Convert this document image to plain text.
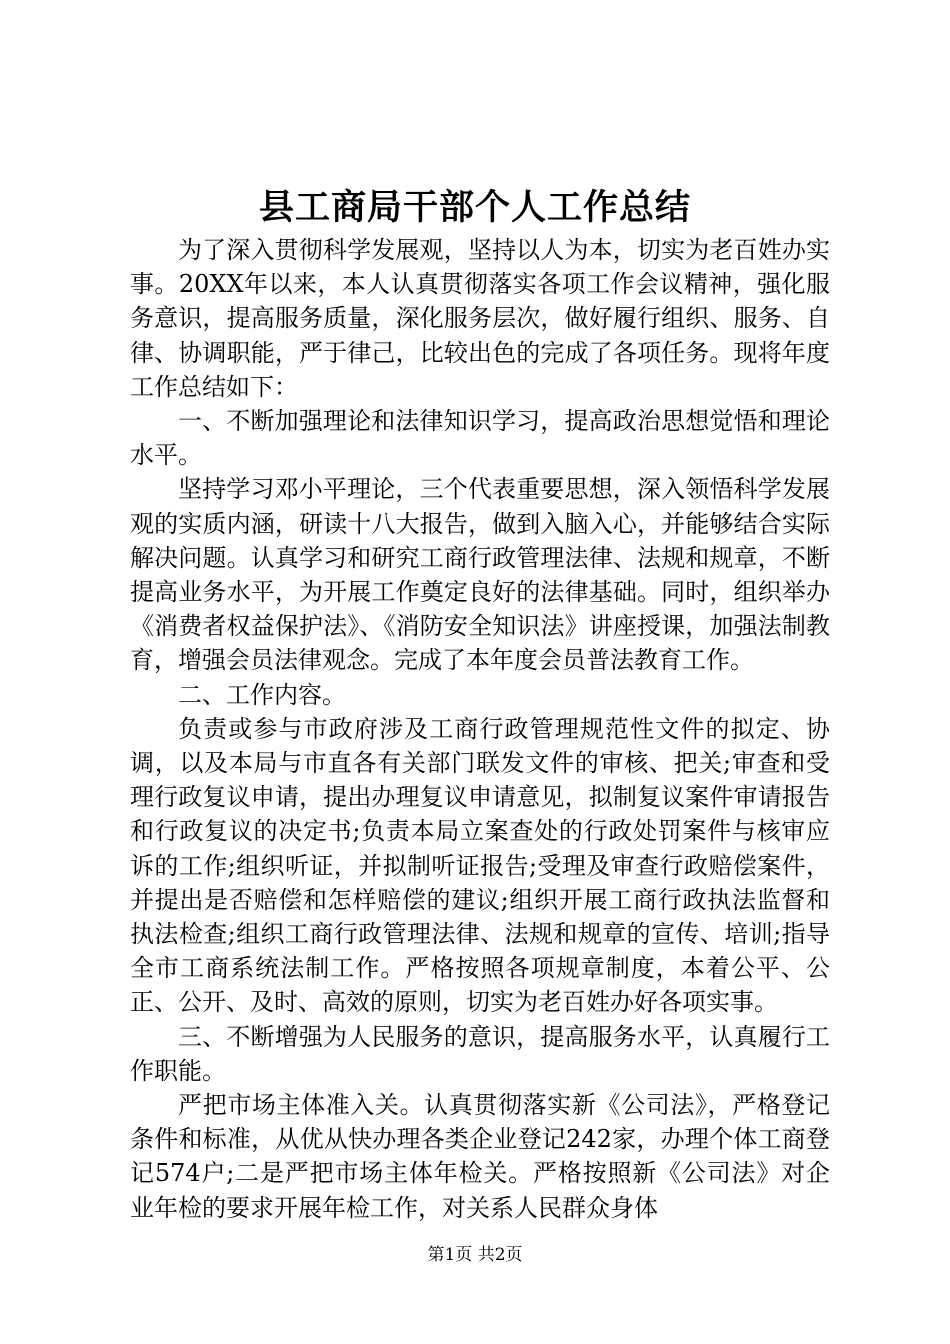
县工商局干部个人工作总结

为了深入贯彻科学发展观，坚持以人为本，切实为老百姓办实事。20XX年以来，本人认真贯彻落实各项工作会议精神，强化服务意识，提高服务质量，深化服务层次，做好履行组织、服务、自律、协调职能，严于律己，比较出色的完成了各项任务。现将年度工作总结如下：

一、不断加强理论和法律知识学习，提高政治思想觉悟和理论水平。

坚持学习邓小平理论，三个代表重要思想，深入领悟科学发展观的实质内涵，研读十八大报告，做到入脑入心，并能够结合实际解决问题。认真学习和研究工商行政管理法律、法规和规章，不断提高业务水平，为开展工作奠定良好的法律基础。同时，组织举办《消费者权益保护法》、《消防安全知识法》讲座授课，加强法制教育，增强会员法律观念。完成了本年度会员普法教育工作。

二、工作内容。

负责或参与市政府涉及工商行政管理规范性文件的拟定、协调，以及本局与市直各有关部门联发文件的审核、把关;审查和受理行政复议申请，提出办理复议申请意见，拟制复议案件审请报告和行政复议的决定书;负责本局立案查处的行政处罚案件与核审应诉的工作;组织听证，并拟制听证报告;受理及审查行政赔偿案件，并提出是否赔偿和怎样赔偿的建议;组织开展工商行政执法监督和执法检查;组织工商行政管理法律、法规和规章的宣传、培训;指导全市工商系统法制工作。严格按照各项规章制度，本着公平、公正、公开、及时、高效的原则，切实为老百姓办好各项实事。

三、不断增强为人民服务的意识，提高服务水平，认真履行工作职能。

严把市场主体准入关。认真贯彻落实新《公司法》，严格登记条件和标准，从优从快办理各类企业登记242家，办理个体工商登记574户;二是严把市场主体年检关。严格按照新《公司法》对企业年检的要求开展年检工作，对关系人民群众身体

第1页 共2页
